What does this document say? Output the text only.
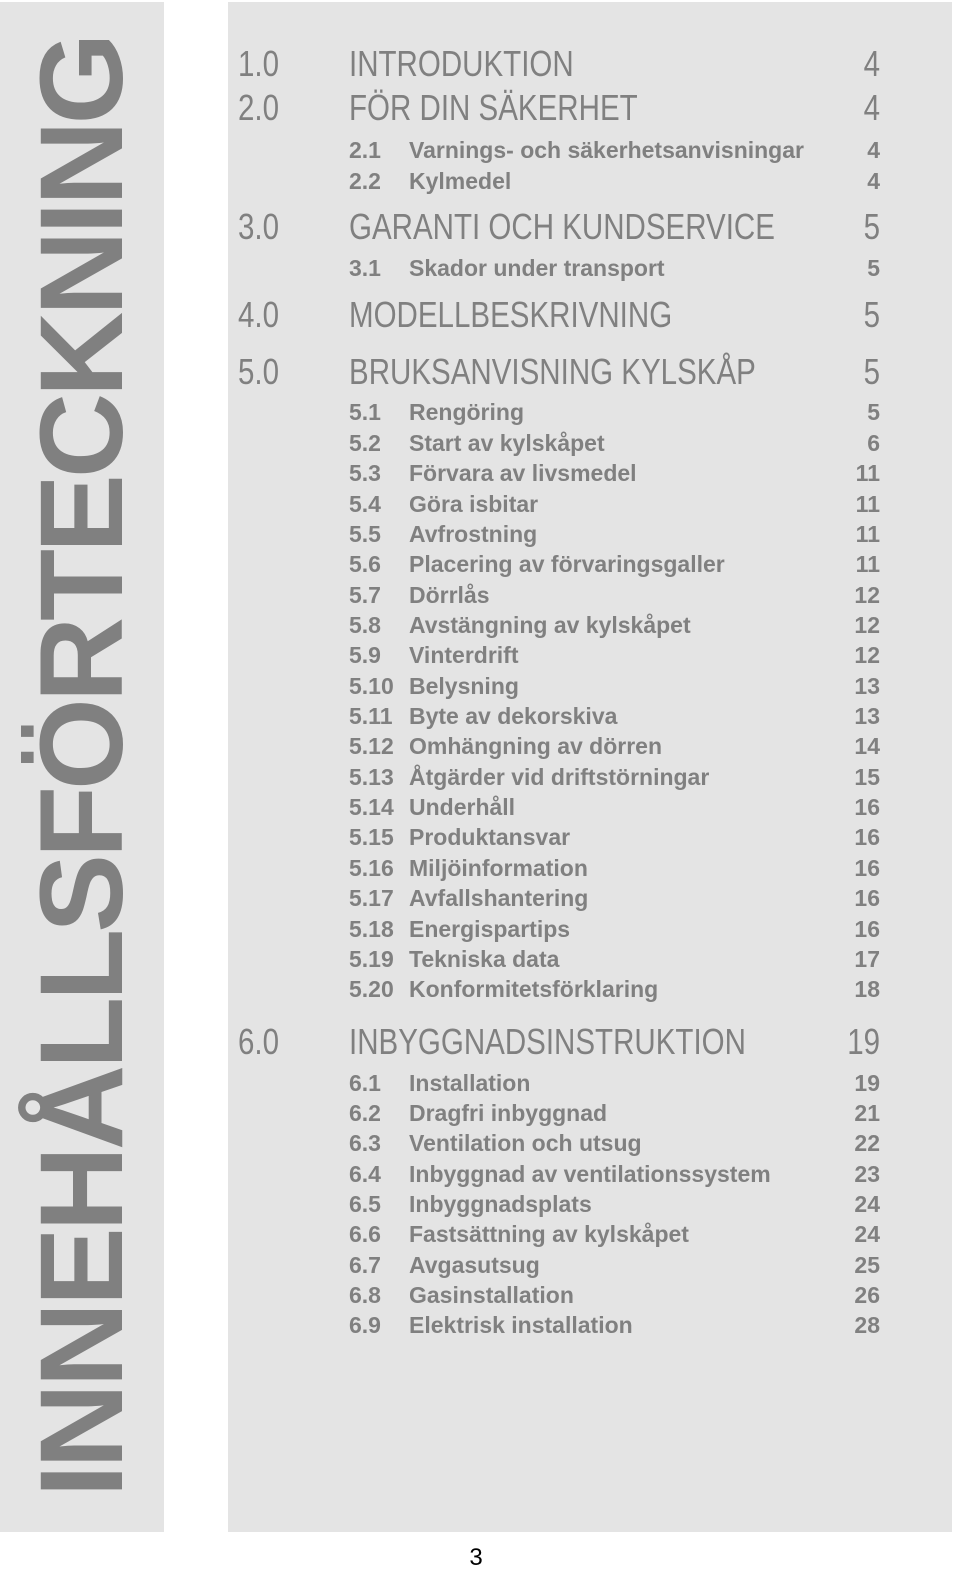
INNEHÅLLSFÖRTECKNING	1.0 INTRODUKTION	4
2.0 FÖR DIN SÄKERHET	4
2.1 Varnings- och säkerhetsanvisningar	4
2.2 Kylmedel	4
3.0 GARANTI OCH KUNDSERVICE 5
3.1 Skador under transport	5
4.0 MODELLBESKRIVNING	5
5.0 BRUKSANVISNING KYLSKÅP	5
5.1 Rengöring	5
5.2 Start av kylskåpet	6
5.3 Förvara av livsmedel	11
5.4 Göra isbitar	11
5.5 Avfrostning	11
5.6 Placering av förvaringsgaller	11
5.7 Dörrlås	12
5.8 Avstängning av kylskåpet	12
5.9 Vinterdrift	12
5.10 Belysning	13
5.11 Byte av dekorskiva	13
5.12 Omhängning av dörren	14
5.13 Åtgärder vid driftstörningar	15
5.14 Underhåll	16
5.15 Produktansvar	16
5.16 Miljöinformation	16
5.17 Avfallshantering	16
5.18 Energispartips	16
5.19 Tekniska data	17
5.20 Konformitetsförklaring	18
6.0 INBYGGNADSINSTRUKTION	19
6.1 Installation	19
6.2 Dragfri inbyggnad	21
6.3 Ventilation och utsug	22
6.4 Inbyggnad av ventilationssystem	23
6.5 Inbyggnadsplats	24
6.6 Fastsättning av kylskåpet	24
6.7 Avgasutsug	25
6.8 Gasinstallation	26
6.9 Elektrisk installation	28
3
